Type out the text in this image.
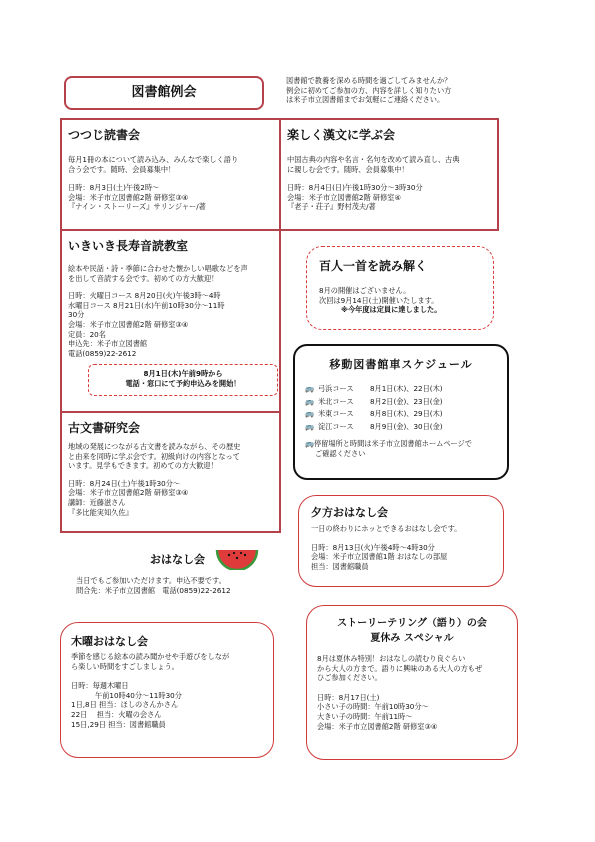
図書館例会

図書館で教養を深める時間を過ごしてみませんか？

例会に初めてご参加の方、内容を詳しく知りたい方

は米子市立図書館までお気軽にご連絡ください。

つつじ読書会

毎月1冊の本について読み込み、みんなで楽しく語り

合う会です。随時、会員募集中！

日時：8月3日(土)午後2時～

会場：米子市立図書館2階 研修室③④

『ナイン・ストーリーズ』サリンジャー/著

楽しく漢文に学ぶ会

中国古典の内容や名言・名句を改めて読み直し、古典

に親しむ会です。随時、会員募集中！

日時：8月4日(日)午後1時30分～3時30分

会場：米子市立図書館2階 研修室④

『老子・荘子』野村茂夫/著

いきいき長寿音読教室

絵本や民話・詩・季節に合わせた懐かしい唱歌などを声

を出して音読する会です。初めての方大歓迎！

日時：火曜日コース 8月20日(火)午後3時～4時

水曜日コース 8月21日(水)午前10時30分～11時

30分

会場：米子市立図書館2階 研修室③④

定員：20名

申込先：米子市立図書館

電話(0859)22-2612

8月1日(木)午前9時から

電話・窓口にて予約申込みを開始！

古文書研究会

地域の発展につながる古文書を読みながら、その歴史

と由来を同時に学ぶ会です。初級向けの内容となって

います。見学もできます。初めての方大歓迎！

日時：8月24日(土)午後1時30分～

会場：米子市立図書館2階 研修室③④

講師：近藤滋さん

『多比能実知久佐』

百人一首を読み解く

8月の開催はございません。

次回は9月14日(土)開催いたします。

※今年度は定員に達しました。

移動図書館車スケジュール

🚌 弓浜コース	8月1日(木)、22日(木)
🚌 米北コース	8月2日(金)、23日(金)
🚌 米東コース	8月8日(木)、29日(木)
🚌 淀江コース	8月9日(金)、30日(金)

🚌停留場所と時間は米子市立図書館ホームページで

ご確認ください

夕方おはなし会

一日の終わりにホッとできるおはなし会です。

日時：8月13日(火)午後4時～4時30分

会場：米子市立図書館1階 おはなしの部屋

担当：図書館職員

おはなし会

当日でもご参加いただけます。申込不要です。

問合先：米子市立図書館　電話(0859)22-2612

木曜おはなし会

季節を感じる絵本の読み聞かせや手遊びをしなが

ら楽しい時間をすごしましょう。

日時：毎週木曜日

午前10時40分～11時30分

1日,8日 担当：ほしのさんかさん

22日　 担当：火曜の会さん

15日,29日 担当：図書館職員

ストーリーテリング（語り）の会

夏休み スペシャル

8月は夏休み特別！おはなしの読むり良ぐらい

から大人の方まで。語りに興味のある大人の方もぜ

ひご参加ください。

日時：8月17日(土)

小さい子の時間：午前10時30分～

大きい子の時間：午前11時～

会場：米子市立図書館2階 研修室③④
